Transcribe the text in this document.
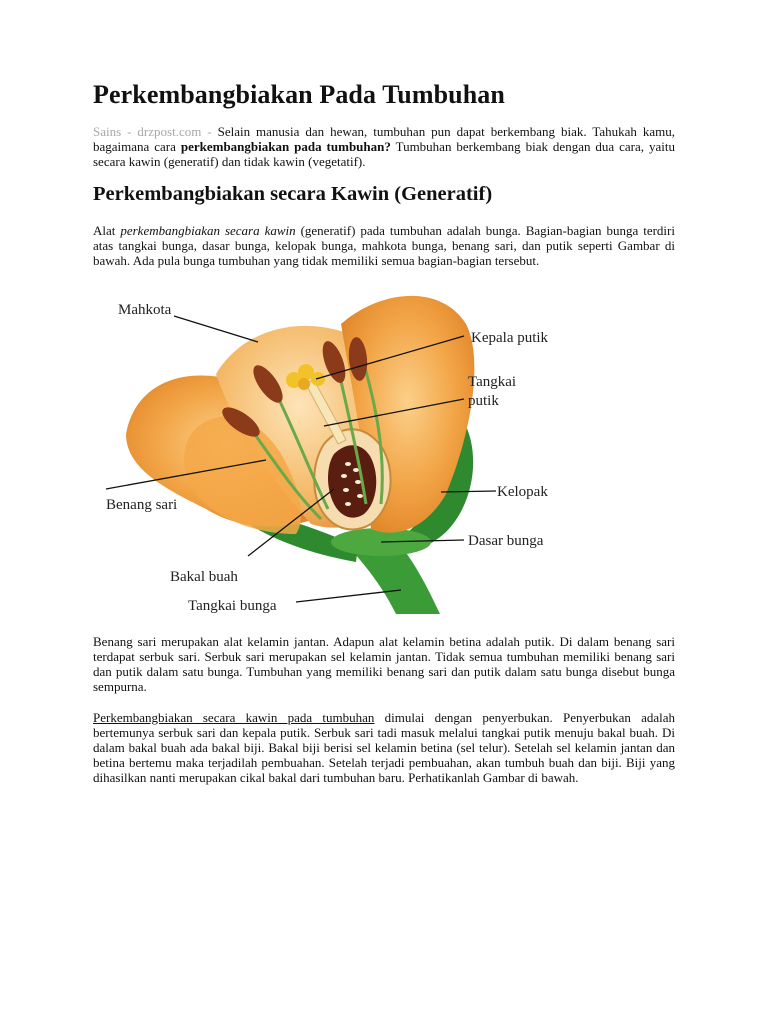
Perkembangbiakan Pada Tumbuhan

Sains - drzpost.com - Selain manusia dan hewan, tumbuhan pun dapat berkembang biak. Tahukah kamu, bagaimana cara perkembangbiakan pada tumbuhan? Tumbuhan berkembang biak dengan dua cara, yaitu secara kawin (generatif) dan tidak kawin (vegetatif).

Perkembangbiakan secara Kawin (Generatif)

Alat perkembangbiakan secara kawin (generatif) pada tumbuhan adalah bunga. Bagian-bagian bunga terdiri atas tangkai bunga, dasar bunga, kelopak bunga, mahkota bunga, benang sari, dan putik seperti Gambar di bawah. Ada pula bunga tumbuhan yang tidak memiliki semua bagian-bagian tersebut.

Benang sari merupakan alat kelamin jantan. Adapun alat kelamin betina adalah putik. Di dalam benang sari terdapat serbuk sari. Serbuk sari merupakan sel kelamin jantan. Tidak semua tumbuhan memiliki benang sari dan putik dalam satu bunga. Tumbuhan yang memiliki benang sari dan putik dalam satu bunga disebut bunga sempurna.

Perkembangbiakan secara kawin pada tumbuhan dimulai dengan penyerbukan. Penyerbukan adalah bertemunya serbuk sari dan kepala putik. Serbuk sari tadi masuk melalui tangkai putik menuju bakal buah. Di dalam bakal buah ada bakal biji. Bakal biji berisi sel kelamin betina (sel telur). Setelah sel kelamin jantan dan betina bertemu maka terjadilah pembuahan. Setelah terjadi pembuahan, akan tumbuh buah dan biji. Biji yang dihasilkan nanti merupakan cikal bakal dari tumbuhan baru. Perhatikanlah Gambar di bawah.

Mahkota
Kepala putik
Tangkai
putik
Kelopak
Benang sari
Dasar bunga
Bakal buah
Tangkai bunga
